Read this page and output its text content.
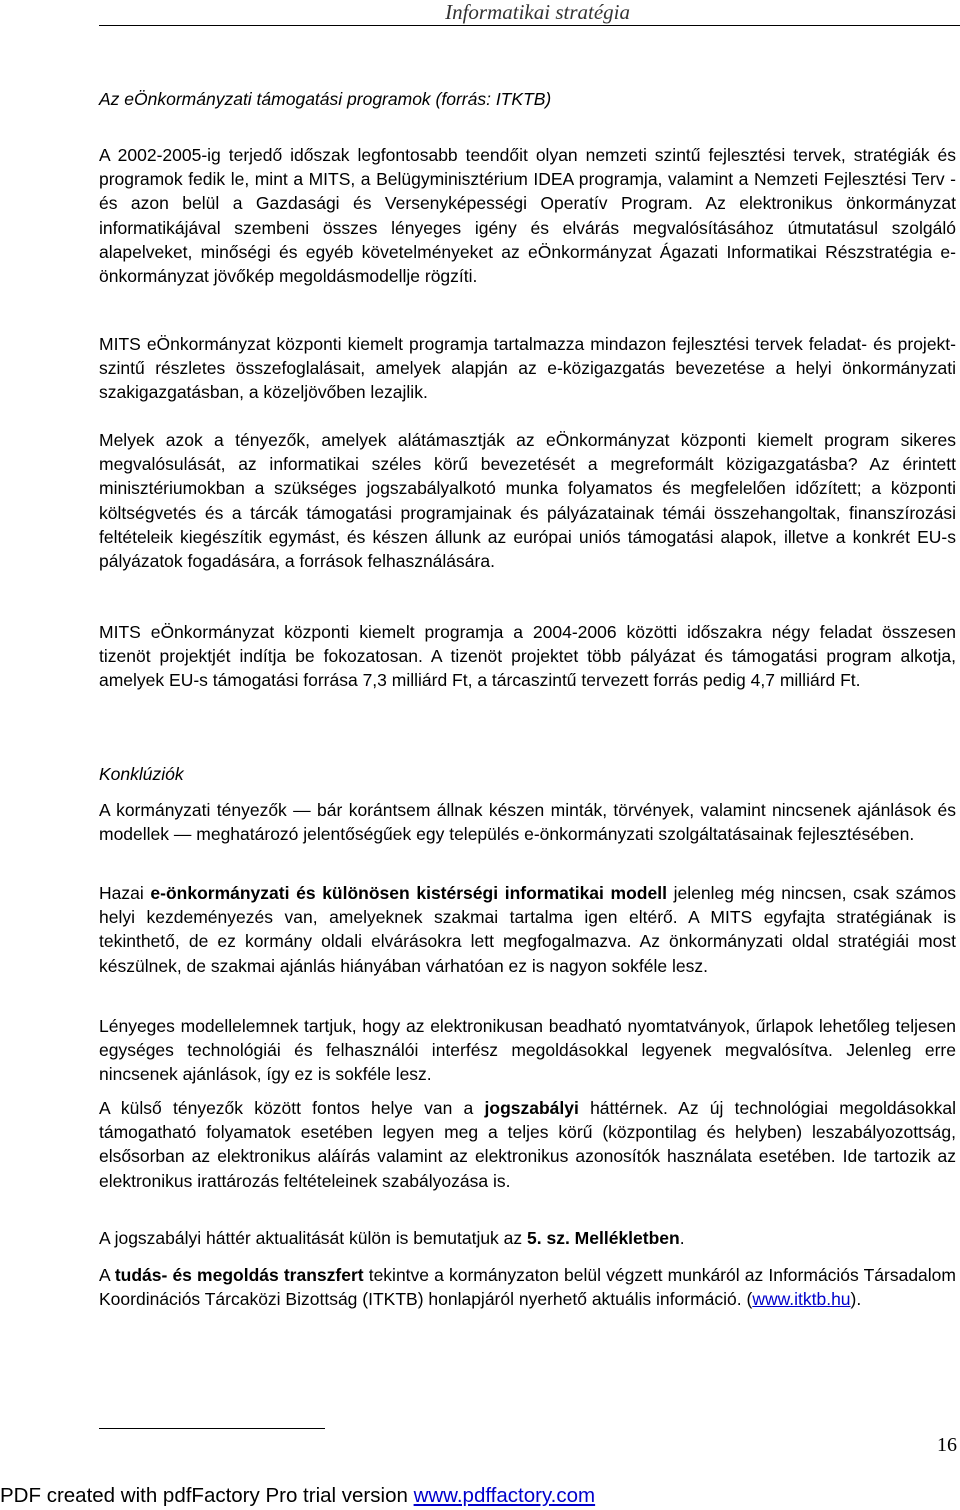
Informatikai stratégia
Az eÖnkormányzati támogatási programok (forrás: ITKTB)
A 2002-2005-ig terjedő időszak legfontosabb teendőit olyan nemzeti szintű fejlesztési tervek, stratégiák és programok fedik le, mint a MITS, a Belügyminisztérium IDEA programja, valamint a Nemzeti Fejlesztési Terv - és azon belül a Gazdasági és Versenyképességi Operatív Program. Az elektronikus önkormányzat informatikájával szembeni összes lényeges igény és elvárás megvalósításához útmutatásul szolgáló alapelveket, minőségi és egyéb követelményeket az eÖnkormányzat Ágazati Informatikai Részstratégia e-önkormányzat jövőkép megoldásmodellje rögzíti.
MITS eÖnkormányzat központi kiemelt programja tartalmazza mindazon fejlesztési tervek feladat- és projekt-szintű részletes összefoglalásait, amelyek alapján az e-közigazgatás bevezetése a helyi önkormányzati szakigazgatásban, a közeljövőben lezajlik.
Melyek azok a tényezők, amelyek alátámasztják az eÖnkormányzat központi kiemelt program sikeres megvalósulását, az informatikai széles körű bevezetését a megreformált közigazgatásba? Az érintett minisztériumokban a szükséges jogszabályalkotó munka folyamatos és megfelelően időzített; a központi költségvetés és a tárcák támogatási programjainak és pályázatainak témái összehangoltak, finanszírozási feltételeik kiegészítik egymást, és készen állunk az európai uniós támogatási alapok, illetve a konkrét EU-s pályázatok fogadására, a források felhasználására.
MITS eÖnkormányzat központi kiemelt programja a 2004-2006 közötti időszakra négy feladat összesen tizenöt projektjét indítja be fokozatosan. A tizenöt projektet több pályázat és támogatási program alkotja, amelyek EU-s támogatási forrása 7,3 milliárd Ft, a tárcaszintű tervezett forrás pedig 4,7 milliárd Ft.
Konklúziók
A kormányzati tényezők — bár korántsem állnak készen minták, törvények, valamint nincsenek ajánlások és modellek — meghatározó jelentőségűek egy település e-önkormányzati szolgáltatásainak fejlesztésében.
Hazai e-önkormányzati és különösen kistérségi informatikai modell jelenleg még nincsen, csak számos helyi kezdeményezés van, amelyeknek szakmai tartalma igen eltérő. A MITS egyfajta stratégiának is tekinthető, de ez kormány oldali elvárásokra lett megfogalmazva. Az önkormányzati oldal stratégiái most készülnek, de szakmai ajánlás hiányában várhatóan ez is nagyon sokféle lesz.
Lényeges modellelemnek tartjuk, hogy az elektronikusan beadható nyomtatványok, űrlapok lehetőleg teljesen egységes technológiái és felhasználói interfész megoldásokkal legyenek megvalósítva. Jelenleg erre nincsenek ajánlások, így ez is sokféle lesz.
A külső tényezők között fontos helye van a jogszabályi háttérnek. Az új technológiai megoldásokkal támogatható folyamatok esetében legyen meg a teljes körű (központilag és helyben) leszabályozottság, elsősorban az elektronikus aláírás valamint az elektronikus azonosítók használata esetében. Ide tartozik az elektronikus irattározás feltételeinek szabályozása is.
A jogszabályi háttér aktualitását külön is bemutatjuk az 5. sz. Mellékletben.
A tudás- és megoldás transzfert tekintve a kormányzaton belül végzett munkáról az Információs Társadalom Koordinációs Tárcaközi Bizottság (ITKTB) honlapjáról nyerhető aktuális információ. (www.itktb.hu).
16
PDF created with pdfFactory Pro trial version www.pdffactory.com
